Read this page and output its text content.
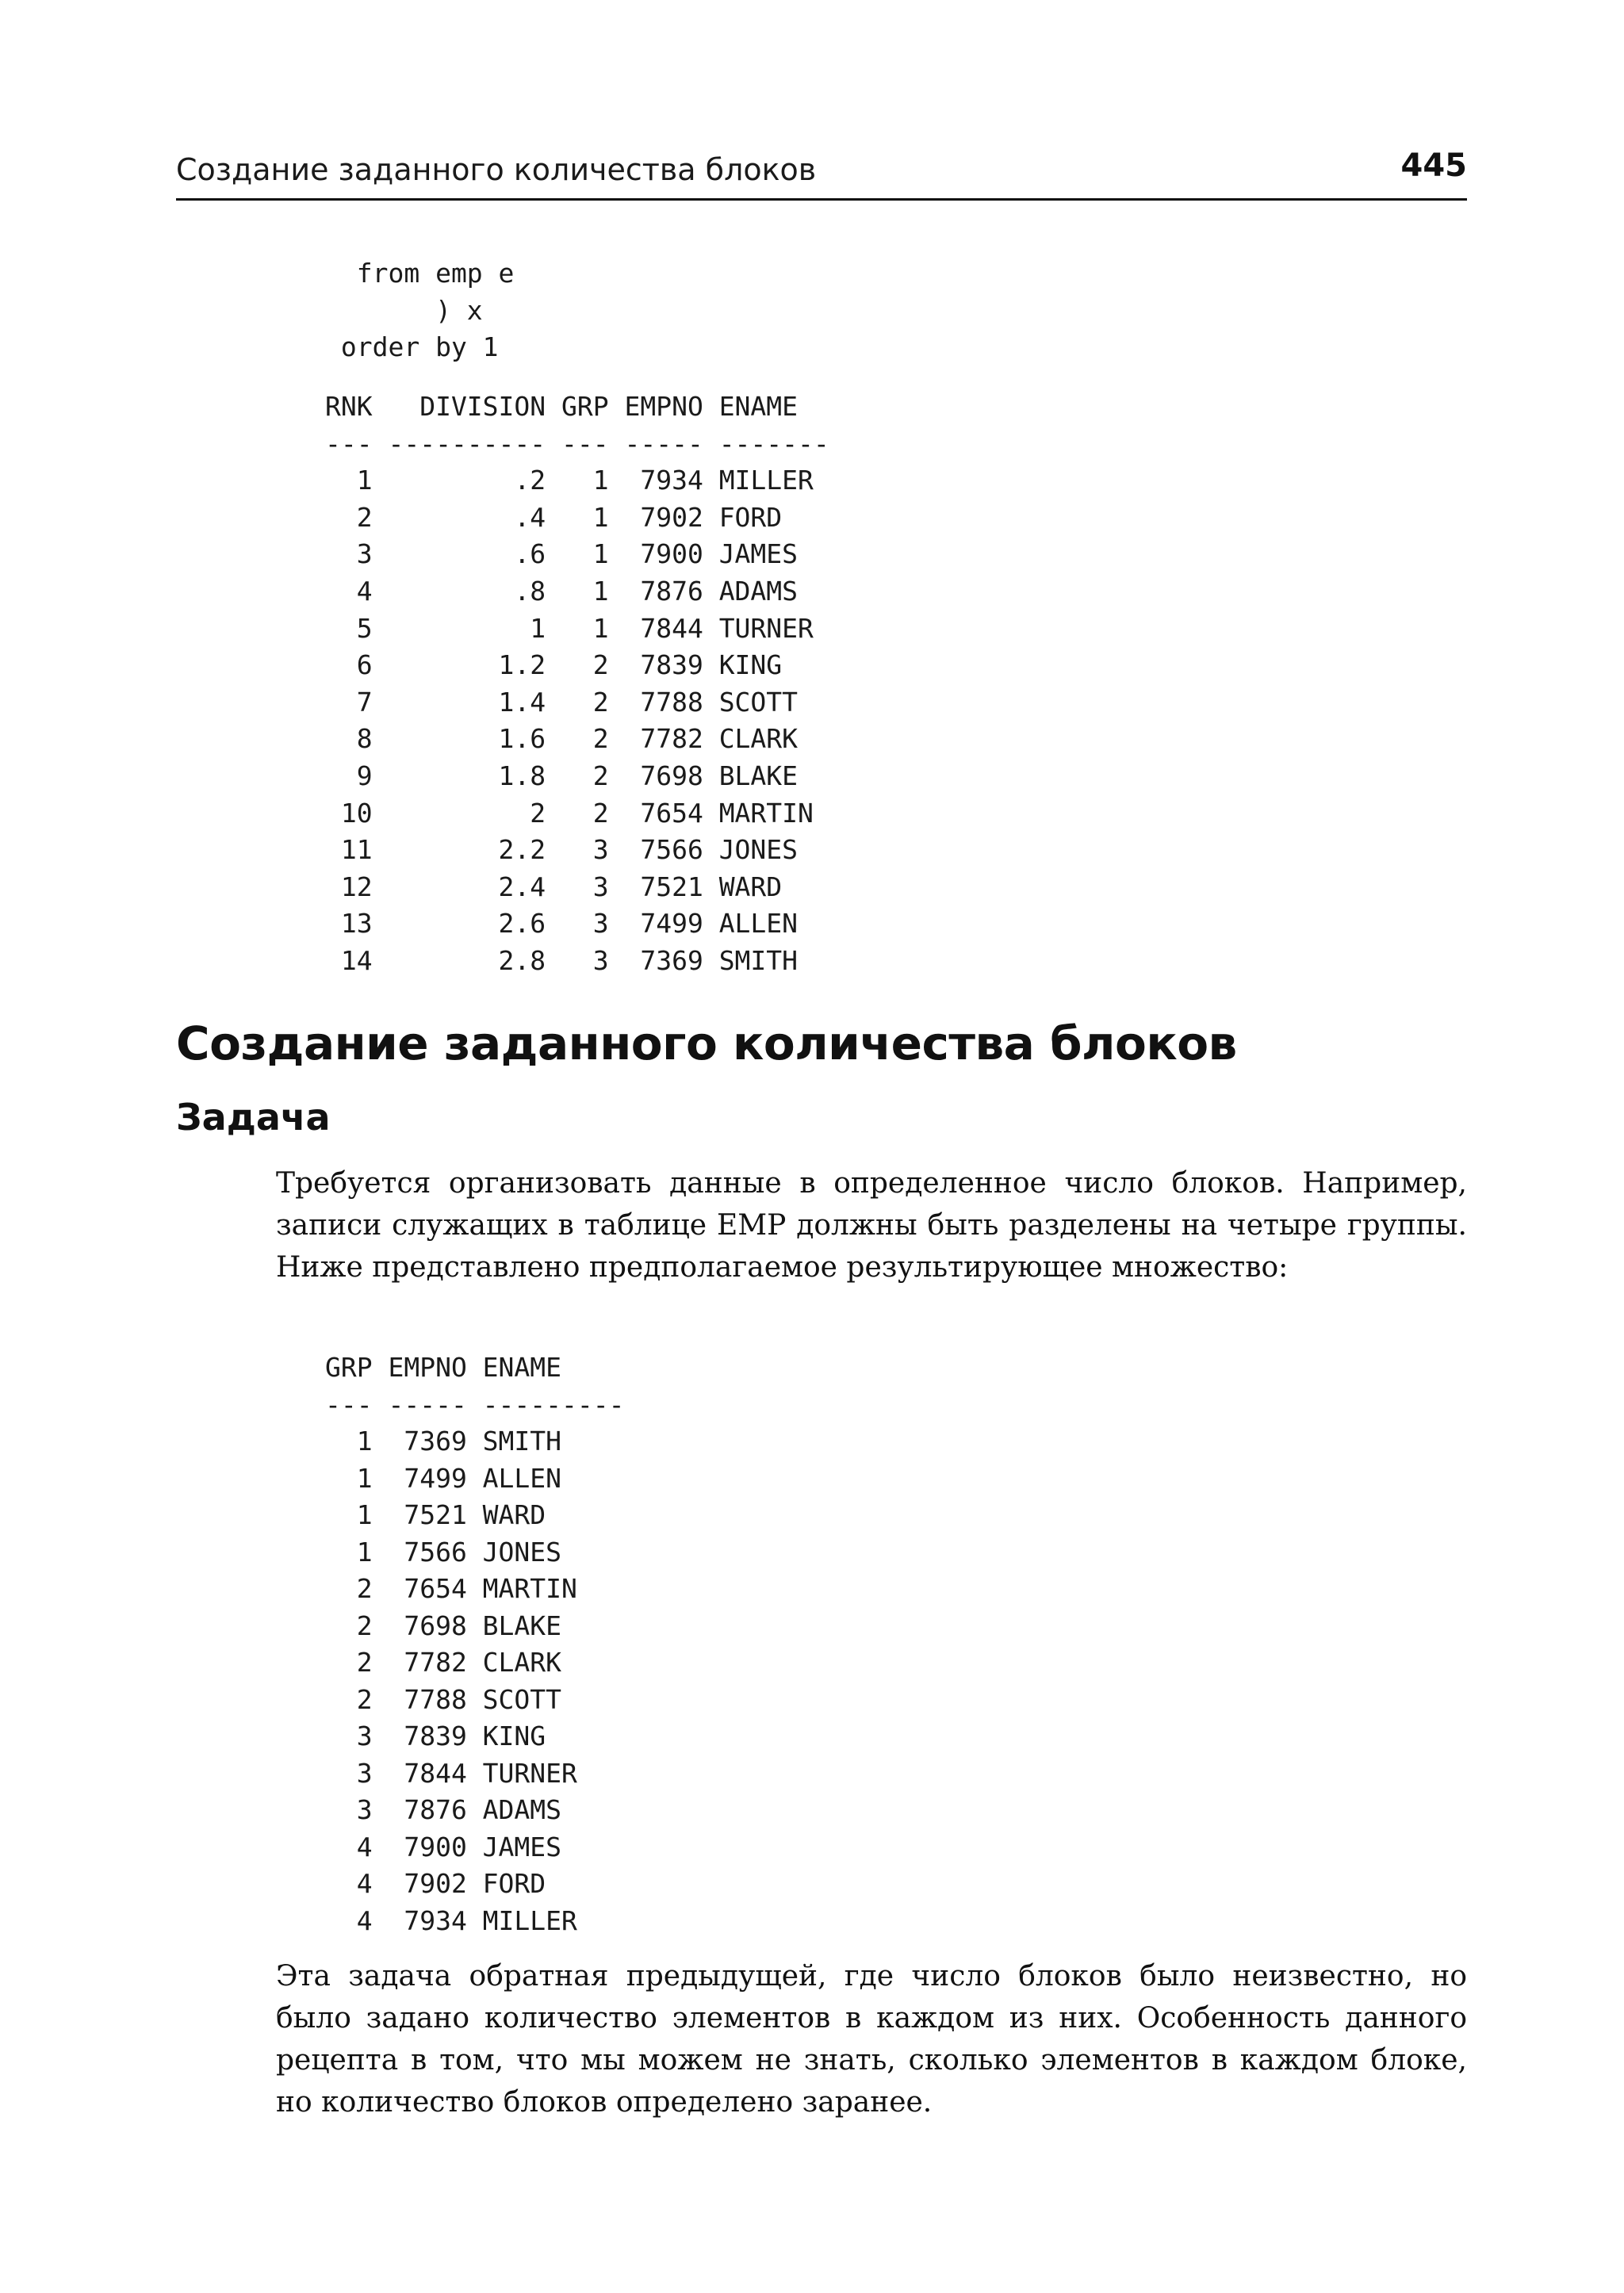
Создание заданного количества блоков	445
from emp e
) x
order by 1
RNK   DIVISION GRP EMPNO ENAME
--- ---------- --- ----- -------
1         .2   1  7934 MILLER
2         .4   1  7902 FORD
3         .6   1  7900 JAMES
4         .8   1  7876 ADAMS
5          1   1  7844 TURNER
6        1.2   2  7839 KING
7        1.4   2  7788 SCOTT
8        1.6   2  7782 CLARK
9        1.8   2  7698 BLAKE
10          2   2  7654 MARTIN
11        2.2   3  7566 JONES
12        2.4   3  7521 WARD
13        2.6   3  7499 ALLEN
14        2.8   3  7369 SMITH
Создание заданного количества блоков
Задача

Требуется организовать данные в определенное число блоков. Например, записи служащих в таблице EMP должны быть разделены на четыре группы. Ниже представлено предполагаемое результирующее множество:

GRP EMPNO ENAME
--- ----- ---------
1  7369 SMITH
1  7499 ALLEN
1  7521 WARD
1  7566 JONES
2  7654 MARTIN
2  7698 BLAKE
2  7782 CLARK
2  7788 SCOTT
3  7839 KING
3  7844 TURNER
3  7876 ADAMS
4  7900 JAMES
4  7902 FORD
4  7934 MILLER

Эта задача обратная предыдущей, где число блоков было неизвестно, но было задано количество элементов в каждом из них. Особенность данного рецепта в том, что мы можем не знать, сколько элементов в каждом блоке, но количество блоков определено заранее.
